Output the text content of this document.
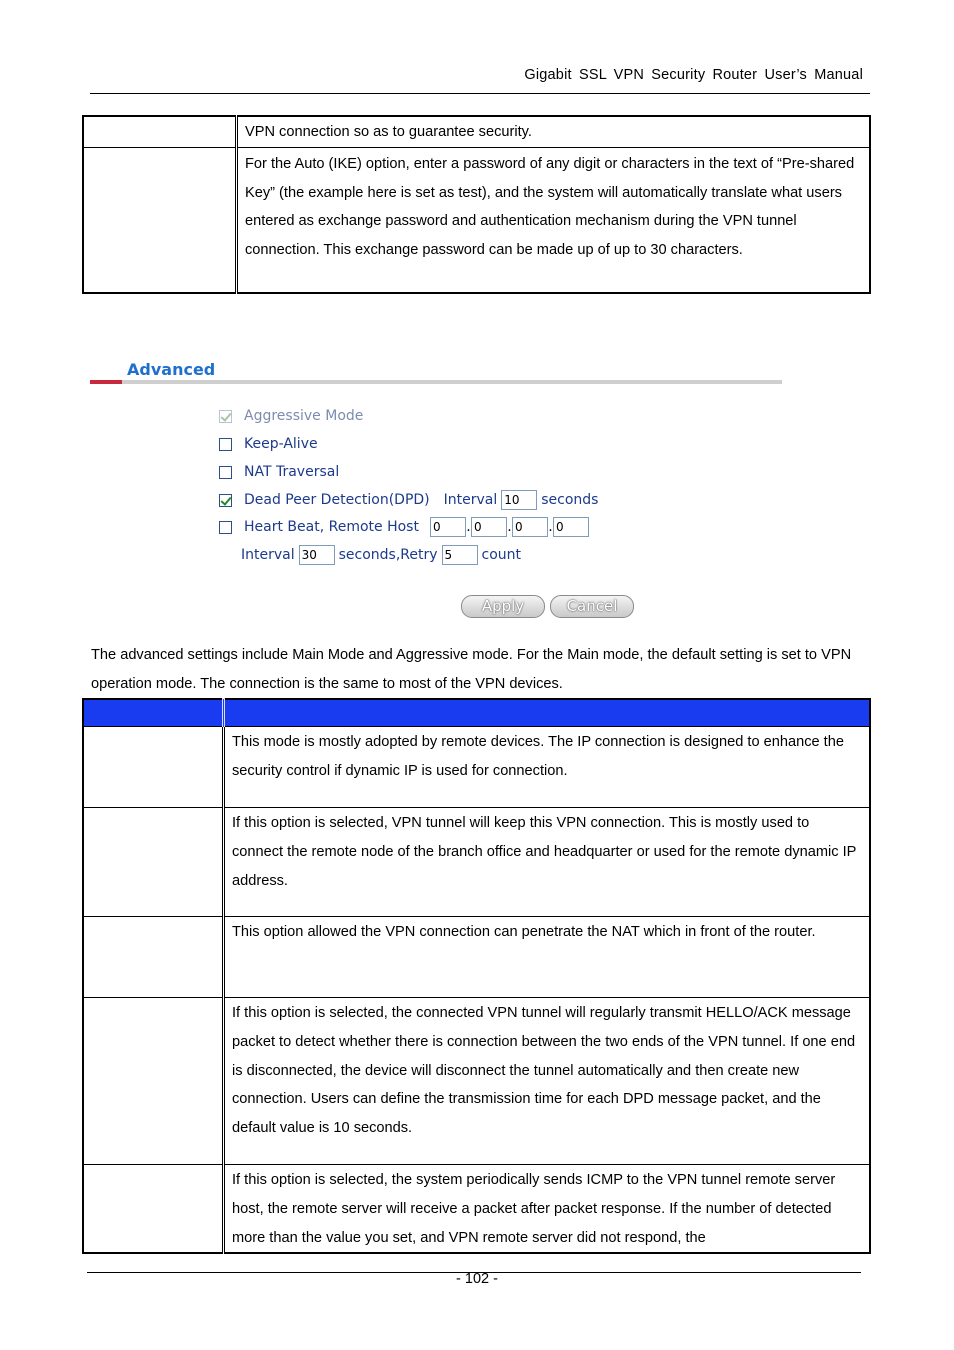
Gigabit SSL VPN Security Router User’s Manual
	VPN connection so as to guarantee security.
	For the Auto (IKE) option, enter a password of any digit or characters in the text of “Pre-shared Key” (the example here is set as test), and the system will automatically translate what users entered as exchange password and authentication mechanism during the VPN tunnel connection. This exchange password can be made up of up to 30 characters.
Advanced
Aggressive Mode
Keep-Alive
NAT Traversal
Dead Peer Detection(DPD) Interval 10	seconds
Heart Beat, Remote Host 0	. 0	. 0	. 0
Interval 30	seconds,Retry 5	count
Apply	Cancel
The advanced settings include Main Mode and Aggressive mode. For the Main mode, the default setting is set to VPN operation mode. The connection is the same to most of the VPN devices.

	This mode is mostly adopted by remote devices. The IP connection is designed to enhance the security control if dynamic IP is used for connection.
	If this option is selected, VPN tunnel will keep this VPN connection. This is mostly used to connect the remote node of the branch office and headquarter or used for the remote dynamic IP address.
	This option allowed the VPN connection can penetrate the NAT which in front of the router.
	If this option is selected, the connected VPN tunnel will regularly transmit HELLO/ACK message packet to detect whether there is connection between the two ends of the VPN tunnel. If one end is disconnected, the device will disconnect the tunnel automatically and then create new connection. Users can define the transmission time for each DPD message packet, and the default value is 10 seconds.
	If this option is selected, the system periodically sends ICMP to the VPN tunnel remote server host, the remote server will receive a packet after packet response. If the number of detected more than the value you set, and VPN remote server did not respond, the
- 102 -
